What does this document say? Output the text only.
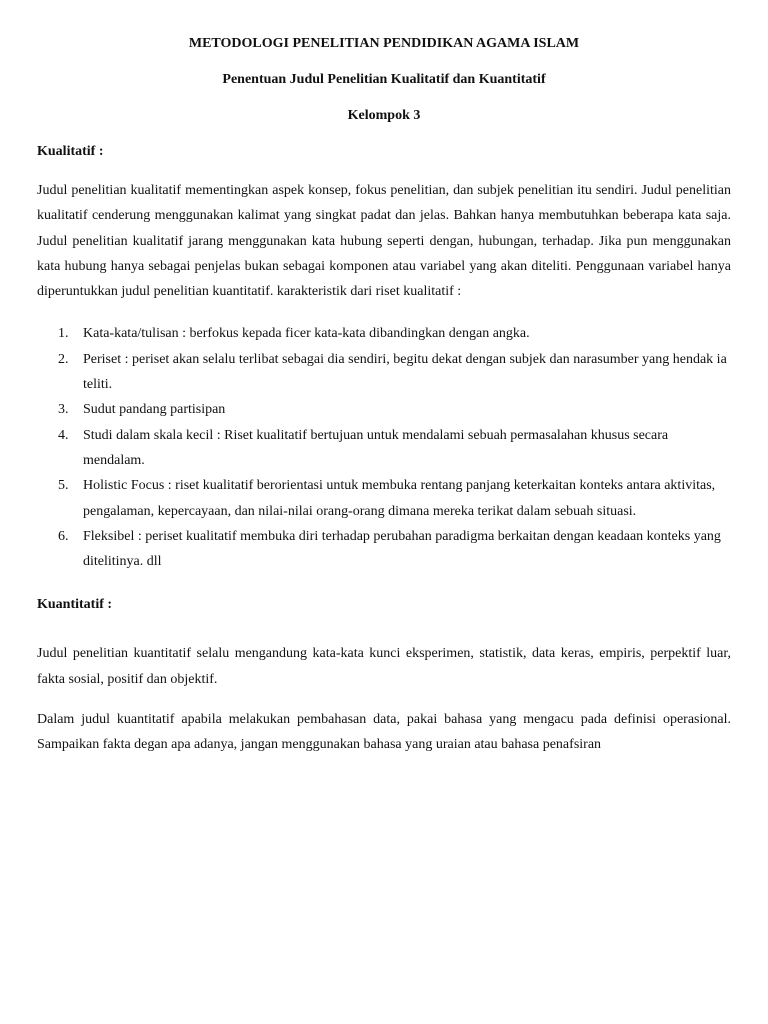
METODOLOGI PENELITIAN PENDIDIKAN AGAMA ISLAM

Penentuan Judul Penelitian Kualitatif dan Kuantitatif

Kelompok 3

Kualitatif :

Judul penelitian kualitatif mementingkan aspek konsep, fokus penelitian, dan subjek penelitian itu sendiri. Judul penelitian kualitatif cenderung menggunakan kalimat yang singkat padat dan jelas. Bahkan hanya membutuhkan beberapa kata saja. Judul penelitian kualitatif jarang menggunakan kata hubung seperti dengan, hubungan, terhadap. Jika pun menggunakan kata hubung hanya sebagai penjelas bukan sebagai komponen atau variabel yang akan diteliti. Penggunaan variabel hanya diperuntukkan judul penelitian kuantitatif. karakteristik dari riset kualitatif :

1. Kata-kata/tulisan : berfokus kepada ficer kata-kata dibandingkan dengan angka.
2. Periset : periset akan selalu terlibat sebagai dia sendiri, begitu dekat dengan subjek dan narasumber yang hendak ia teliti.
3. Sudut pandang partisipan
4. Studi dalam skala kecil : Riset kualitatif bertujuan untuk mendalami sebuah permasalahan khusus secara mendalam.
5. Holistic Focus : riset kualitatif berorientasi untuk membuka rentang panjang keterkaitan konteks antara aktivitas, pengalaman, kepercayaan, dan nilai-nilai orang-orang dimana mereka terikat dalam sebuah situasi.
6. Fleksibel : periset kualitatif membuka diri terhadap perubahan paradigma berkaitan dengan keadaan konteks yang ditelitinya. dll

Kuantitatif :

Judul penelitian kuantitatif selalu mengandung kata-kata kunci eksperimen, statistik, data keras, empiris, perpektif luar, fakta sosial, positif dan objektif.

Dalam judul kuantitatif apabila melakukan pembahasan data, pakai bahasa yang mengacu pada definisi operasional. Sampaikan fakta degan apa adanya, jangan menggunakan bahasa yang uraian atau bahasa penafsiran
